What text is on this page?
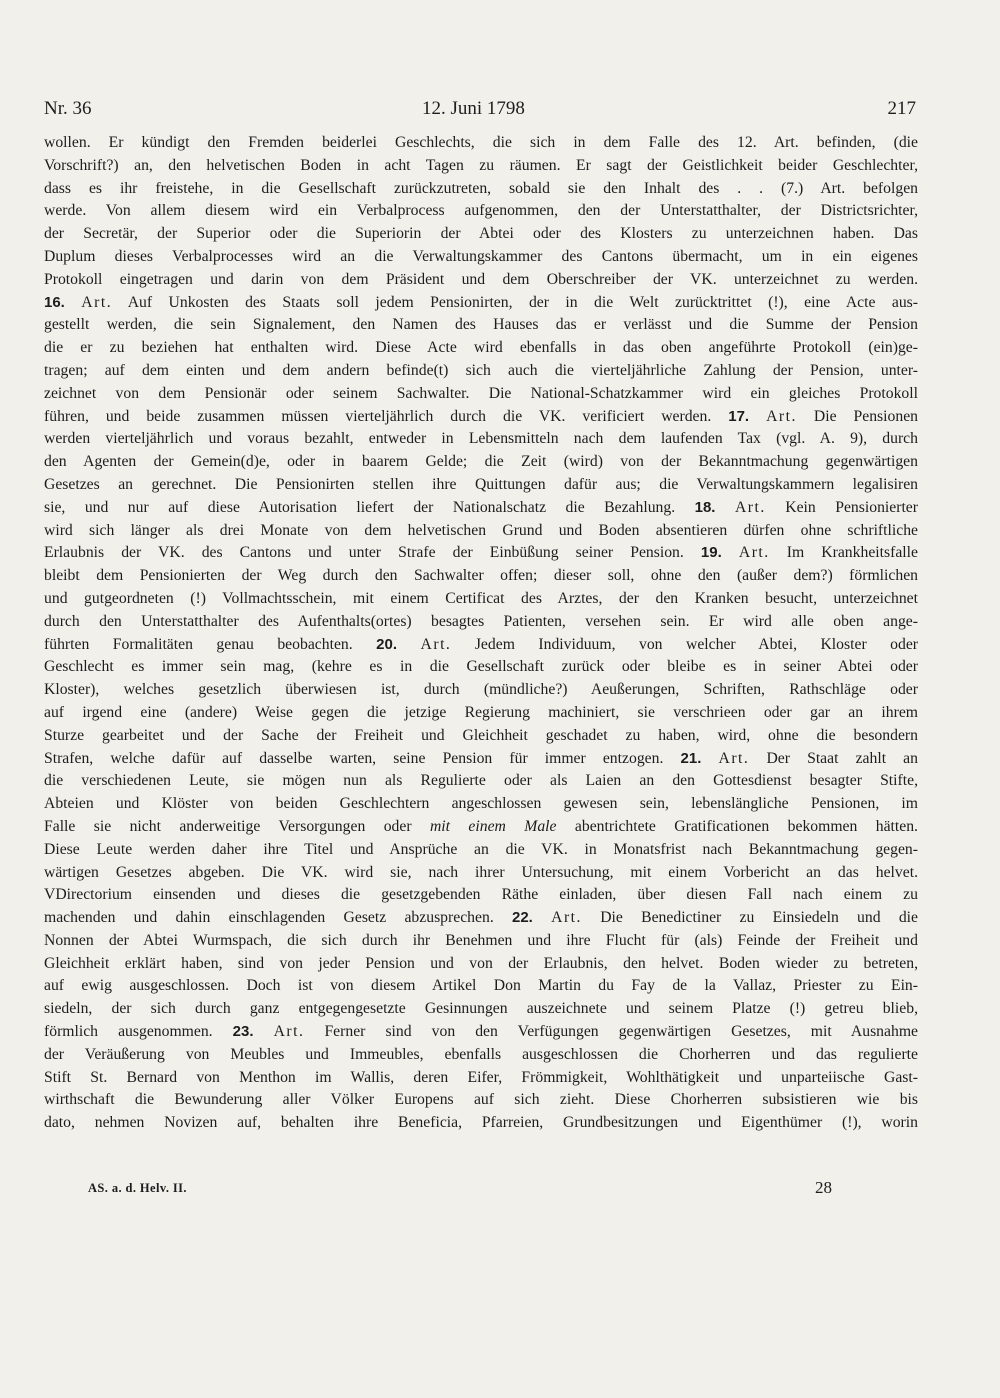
Nr. 36	12. Juni 1798	217
wollen. Er kündigt den Fremden beiderlei Geschlechts, die sich in dem Falle des 12. Art. befinden, (die
Vorschrift?) an, den helvetischen Boden in acht Tagen zu räumen. Er sagt der Geistlichkeit beider Geschlechter,
dass es ihr freistehe, in die Gesellschaft zurückzutreten, sobald sie den Inhalt des . . (7.) Art. befolgen
werde. Von allem diesem wird ein Verbalprocess aufgenommen, den der Unterstatthalter, der Districtsrichter,
der Secretär, der Superior oder die Superiorin der Abtei oder des Klosters zu unterzeichnen haben. Das
Duplum dieses Verbalprocesses wird an die Verwaltungskammer des Cantons übermacht, um in ein eigenes
Protokoll eingetragen und darin von dem Präsident und dem Oberschreiber der VK. unterzeichnet zu werden.
16. Art. Auf Unkosten des Staats soll jedem Pensionirten, der in die Welt zurücktrittet (!), eine Acte aus-
gestellt werden, die sein Signalement, den Namen des Hauses das er verlässt und die Summe der Pension
die er zu beziehen hat enthalten wird. Diese Acte wird ebenfalls in das oben angeführte Protokoll (ein)ge-
tragen; auf dem einten und dem andern befinde(t) sich auch die vierteljährliche Zahlung der Pension, unter-
zeichnet von dem Pensionär oder seinem Sachwalter. Die National-Schatzkammer wird ein gleiches Protokoll
führen, und beide zusammen müssen vierteljährlich durch die VK. verificiert werden. 17. Art. Die Pensionen
werden vierteljährlich und voraus bezahlt, entweder in Lebensmitteln nach dem laufenden Tax (vgl. A. 9), durch
den Agenten der Gemein(d)e, oder in baarem Gelde; die Zeit (wird) von der Bekanntmachung gegenwärtigen
Gesetzes an gerechnet. Die Pensionirten stellen ihre Quittungen dafür aus; die Verwaltungskammern legalisiren
sie, und nur auf diese Autorisation liefert der Nationalschatz die Bezahlung. 18. Art. Kein Pensionierter
wird sich länger als drei Monate von dem helvetischen Grund und Boden absentieren dürfen ohne schriftliche
Erlaubnis der VK. des Cantons und unter Strafe der Einbüßung seiner Pension. 19. Art. Im Krankheitsfalle
bleibt dem Pensionierten der Weg durch den Sachwalter offen; dieser soll, ohne den (außer dem?) förmlichen
und gutgeordneten (!) Vollmachtsschein, mit einem Certificat des Arztes, der den Kranken besucht, unterzeichnet
durch den Unterstatthalter des Aufenthalts(ortes) besagtes Patienten, versehen sein. Er wird alle oben ange-
führten Formalitäten genau beobachten. 20. Art. Jedem Individuum, von welcher Abtei, Kloster oder
Geschlecht es immer sein mag, (kehre es in die Gesellschaft zurück oder bleibe es in seiner Abtei oder
Kloster), welches gesetzlich überwiesen ist, durch (mündliche?) Aeußerungen, Schriften, Rathschläge oder
auf irgend eine (andere) Weise gegen die jetzige Regierung machiniert, sie verschrieen oder gar an ihrem
Sturze gearbeitet und der Sache der Freiheit und Gleichheit geschadet zu haben, wird, ohne die besondern
Strafen, welche dafür auf dasselbe warten, seine Pension für immer entzogen. 21. Art. Der Staat zahlt an
die verschiedenen Leute, sie mögen nun als Regulierte oder als Laien an den Gottesdienst besagter Stifte,
Abteien und Klöster von beiden Geschlechtern angeschlossen gewesen sein, lebenslängliche Pensionen, im
Falle sie nicht anderweitige Versorgungen oder mit einem Male abentrichtete Gratificationen bekommen hätten.
Diese Leute werden daher ihre Titel und Ansprüche an die VK. in Monatsfrist nach Bekanntmachung gegen-
wärtigen Gesetzes abgeben. Die VK. wird sie, nach ihrer Untersuchung, mit einem Vorbericht an das helvet.
VDirectorium einsenden und dieses die gesetzgebenden Räthe einladen, über diesen Fall nach einem zu
machenden und dahin einschlagenden Gesetz abzusprechen. 22. Art. Die Benedictiner zu Einsiedeln und die
Nonnen der Abtei Wurmspach, die sich durch ihr Benehmen und ihre Flucht für (als) Feinde der Freiheit und
Gleichheit erklärt haben, sind von jeder Pension und von der Erlaubnis, den helvet. Boden wieder zu betreten,
auf ewig ausgeschlossen. Doch ist von diesem Artikel Don Martin du Fay de la Vallaz, Priester zu Ein-
siedeln, der sich durch ganz entgegengesetzte Gesinnungen auszeichnete und seinem Platze (!) getreu blieb,
förmlich ausgenommen. 23. Art. Ferner sind von den Verfügungen gegenwärtigen Gesetzes, mit Ausnahme
der Veräußerung von Meubles und Immeubles, ebenfalls ausgeschlossen die Chorherren und das regulierte
Stift St. Bernard von Menthon im Wallis, deren Eifer, Frömmigkeit, Wohlthätigkeit und unparteiische Gast-
wirthschaft die Bewunderung aller Völker Europens auf sich zieht. Diese Chorherren subsistieren wie bis
dato, nehmen Novizen auf, behalten ihre Beneficia, Pfarreien, Grundbesitzungen und Eigenthümer (!), worin
AS. a. d. Helv. II.	28
